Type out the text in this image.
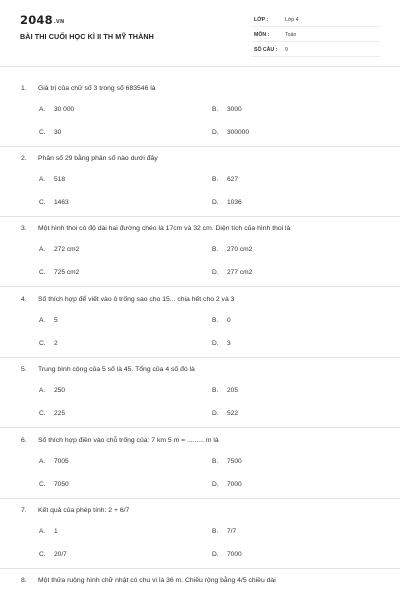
2048.VN
BÀI THI CUỐI HỌC KÌ II TH MỸ THÀNH
LỚP :	Lớp 4
MÔN :	Toán
SỐ CÂU : 9
1. Giá trị của chữ số 3 trong số 683546 là
A. 30 000	B. 3000
C. 30	D. 300000
2. Phân số 29 bằng phân số nào dưới đây
A. 518	B. 627
C. 1463	D. 1036
3. Một hình thoi có độ dài hai đường chéo là 17cm và 32 cm. Diện tích của hình thoi là
A. 272 cm2	B. 270 cm2
C. 725 cm2	D. 277 cm2
4. Số thích hợp để viết vào ô trống sao cho 15... chia hết cho 2 và 3
A. 5	B. 0
C. 2	D. 3
5. Trung bình cộng của 5 số là 45. Tổng của 4 số đó là
A. 250	B. 205
C. 225	D. 522
6. Số thích hợp điền vào chỗ trống của: 7 km 5 m = ......... m là
A. 7005	B. 7500
C. 7050	D. 7000
7. Kết quả của phép tính: 2 + 6/7
A. 1	B. 7/7
C. 20/7	D. 7000
8. Một thửa ruộng hình chữ nhật có chu vi là 36 m. Chiều rộng bằng 4/5 chiều dài
